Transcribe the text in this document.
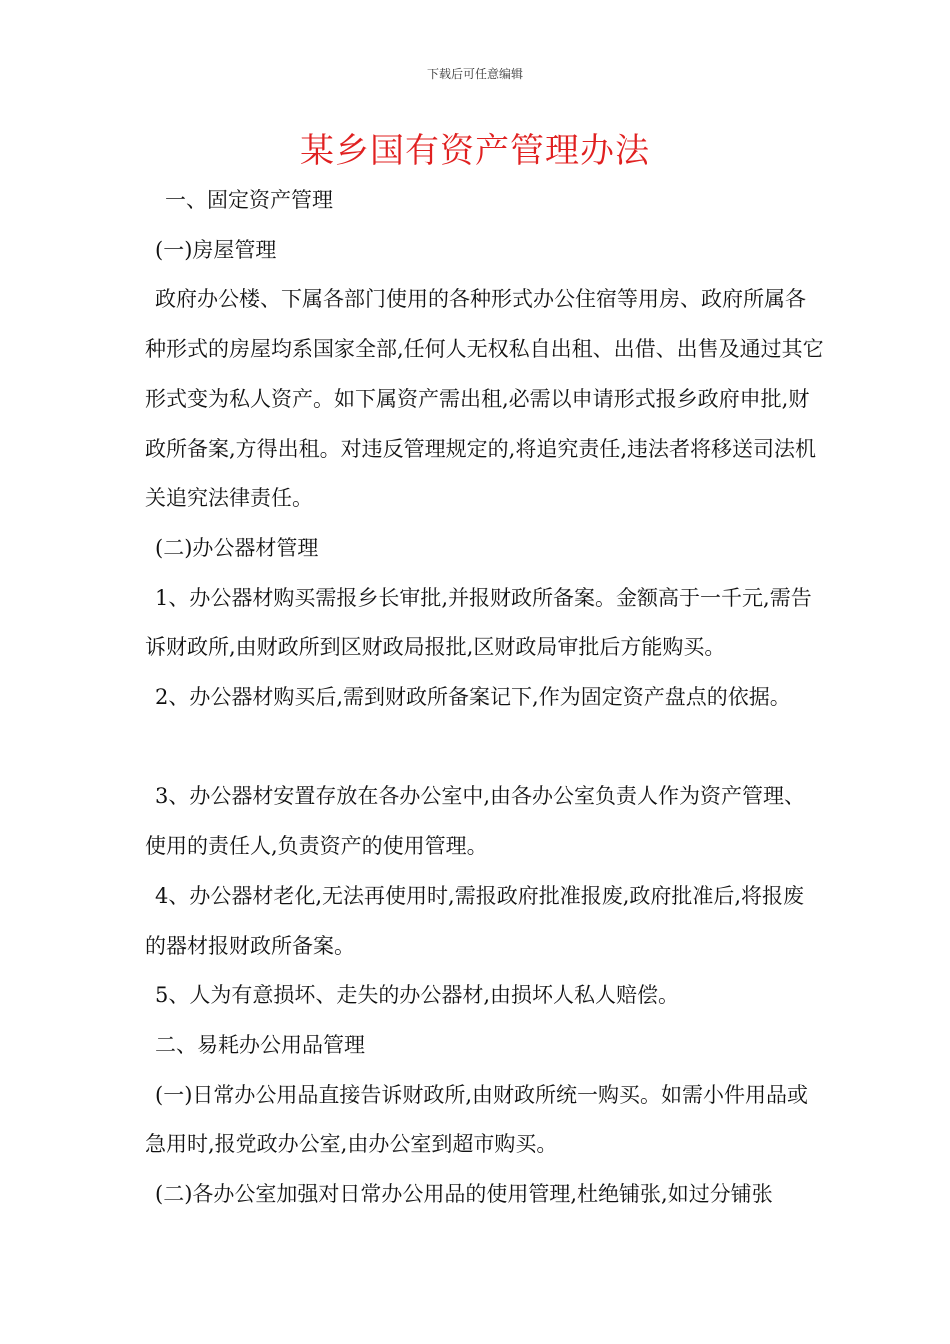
下载后可任意编辑
某乡国有资产管理办法

一、固定资产管理

(一)房屋管理

政府办公楼、下属各部门使用的各种形式办公住宿等用房、政府所属各种形式的房屋均系国家全部,任何人无权私自出租、出借、出售及通过其它形式变为私人资产。如下属资产需出租,必需以申请形式报乡政府申批,财政所备案,方得出租。对违反管理规定的,将追究责任,违法者将移送司法机关追究法律责任。

(二)办公器材管理

1、办公器材购买需报乡长审批,并报财政所备案。金额高于一千元,需告诉财政所,由财政所到区财政局报批,区财政局审批后方能购买。

2、办公器材购买后,需到财政所备案记下,作为固定资产盘点的依据。

3、办公器材安置存放在各办公室中,由各办公室负责人作为资产管理、使用的责任人,负责资产的使用管理。

4、办公器材老化,无法再使用时,需报政府批准报废,政府批准后,将报废的器材报财政所备案。

5、人为有意损坏、走失的办公器材,由损坏人私人赔偿。

二、易耗办公用品管理

(一)日常办公用品直接告诉财政所,由财政所统一购买。如需小件用品或急用时,报党政办公室,由办公室到超市购买。

(二)各办公室加强对日常办公用品的使用管理,杜绝铺张,如过分铺张
